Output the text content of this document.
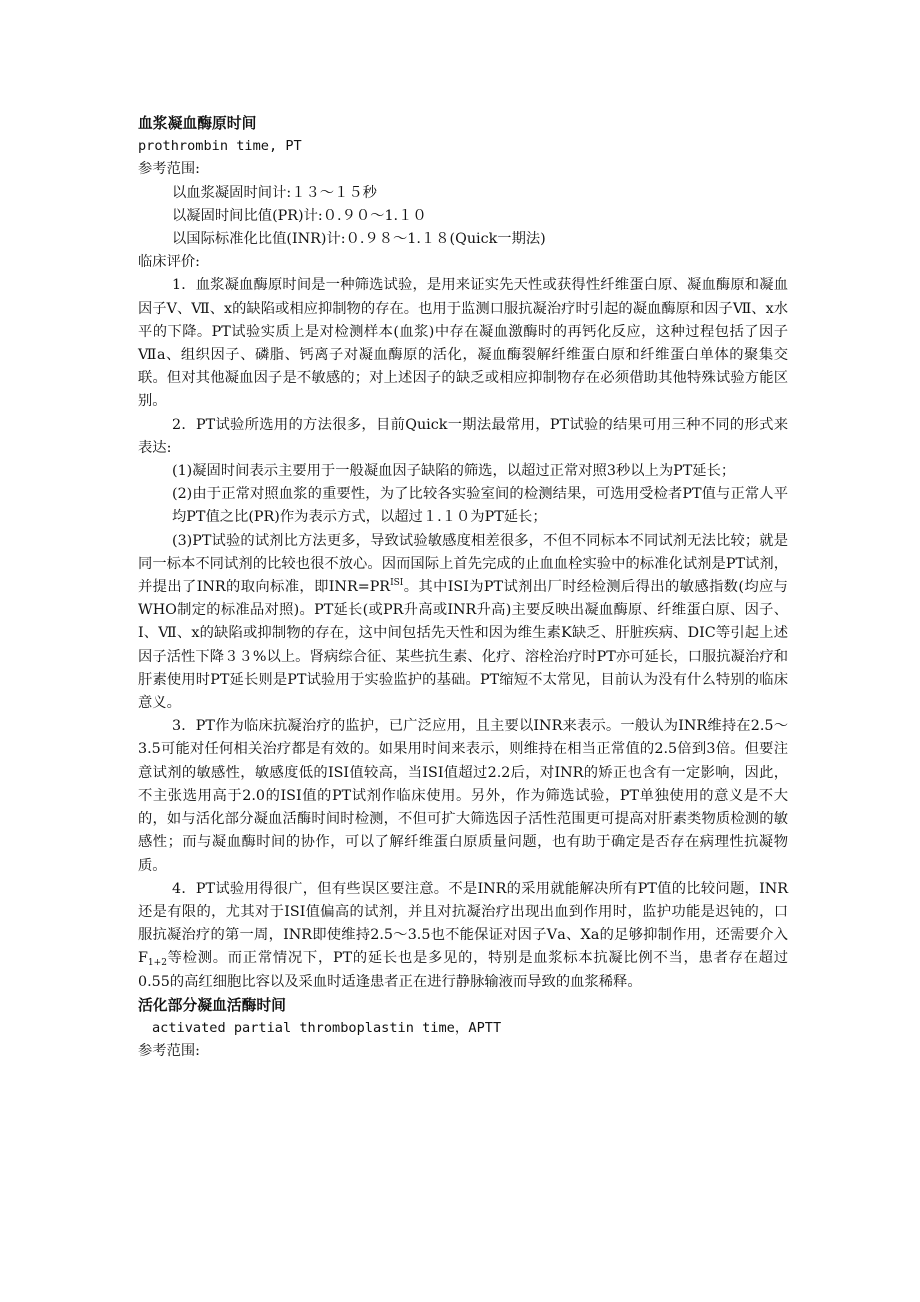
血浆凝血酶原时间
prothrombin time, PT
参考范围:
以血浆凝固时间计:１３～１５秒
以凝固时间比值(PR)计:０.９０～1.１０
以国际标准化比值(INR)计:０.９８～1.１８(Quick一期法)
临床评价:

1．血浆凝血酶原时间是一种筛选试验，是用来证实先天性或获得性纤维蛋白原、凝血酶原和凝血因子Ⅴ、Ⅶ、x的缺陷或相应抑制物的存在。也用于监测口服抗凝治疗时引起的凝血酶原和因子Ⅶ、x水平的下降。PT试验实质上是对检测样本(血浆)中存在凝血激酶时的再钙化反应，这种过程包括了因子Ⅶa、组织因子、磷脂、钙离子对凝血酶原的活化，凝血酶裂解纤维蛋白原和纤维蛋白单体的聚集交联。但对其他凝血因子是不敏感的；对上述因子的缺乏或相应抑制物存在必须借助其他特殊试验方能区别。

2．PT试验所选用的方法很多，目前Quick一期法最常用，PT试验的结果可用三种不同的形式来表达:

(1)凝固时间表示主要用于一般凝血因子缺陷的筛选，以超过正常对照3秒以上为PT延长；

(2)由于正常对照血浆的重要性，为了比较各实验室间的检测结果，可选用受检者PT值与正常人平均PT值之比(PR)作为表示方式，以超过１.１０为PT延长；

(3)PT试验的试剂比方法更多，导致试验敏感度相差很多，不但不同标本不同试剂无法比较；就是同一标本不同试剂的比较也很不放心。因而国际上首先完成的止血血栓实验中的标准化试剂是PT试剂，并提出了INR的取向标准，即$INR=PR^{ISI}$。其中ISI为PT试剂出厂时经检测后得出的敏感指数(均应与WHO制定的标准品对照)。PT延长(或PR升高或INR升高)主要反映出凝血酶原、纤维蛋白原、因子、Ⅰ、Ⅶ、x的缺陷或抑制物的存在，这中间包括先天性和因为维生素K缺乏、肝脏疾病、DIC等引起上述因子活性下降３３%以上。肾病综合征、某些抗生素、化疗、溶栓治疗时PT亦可延长，口服抗凝治疗和肝素使用时PT延长则是PT试验用于实验监护的基础。PT缩短不太常见，目前认为没有什么特别的临床意义。

3．PT作为临床抗凝治疗的监护，已广泛应用，且主要以INR来表示。一般认为INR维持在2.5～3.5可能对任何相关治疗都是有效的。如果用时间来表示，则维持在相当正常值的2.5倍到3倍。但要注意试剂的敏感性，敏感度低的ISI值较高，当ISI值超过2.2后，对INR的矫正也含有一定影响，因此，不主张选用高于2.0的ISI值的PT试剂作临床使用。另外，作为筛选试验，PT单独使用的意义是不大的，如与活化部分凝血活酶时间时检测，不但可扩大筛选因子活性范围更可提高对肝素类物质检测的敏感性；而与凝血酶时间的协作，可以了解纤维蛋白原质量问题，也有助于确定是否存在病理性抗凝物质。

4．PT试验用得很广，但有些误区要注意。不是INR的采用就能解决所有PT值的比较问题，INR还是有限的，尤其对于ISI值偏高的试剂，并且对抗凝治疗出现出血到作用时，监护功能是迟钝的，口服抗凝治疗的第一周，INR即使维持2.5～3.5也不能保证对因子Ⅴa、Ⅹa的足够抑制作用，还需要介入$F_{1+2}$等检测。而正常情况下，PT的延长也是多见的，特别是血浆标本抗凝比例不当，患者存在超过0.55的高红细胞比容以及采血时适逢患者正在进行静脉输液而导致的血浆稀释。

活化部分凝血活酶时间
activated partial thromboplastin time，APTT
参考范围:
